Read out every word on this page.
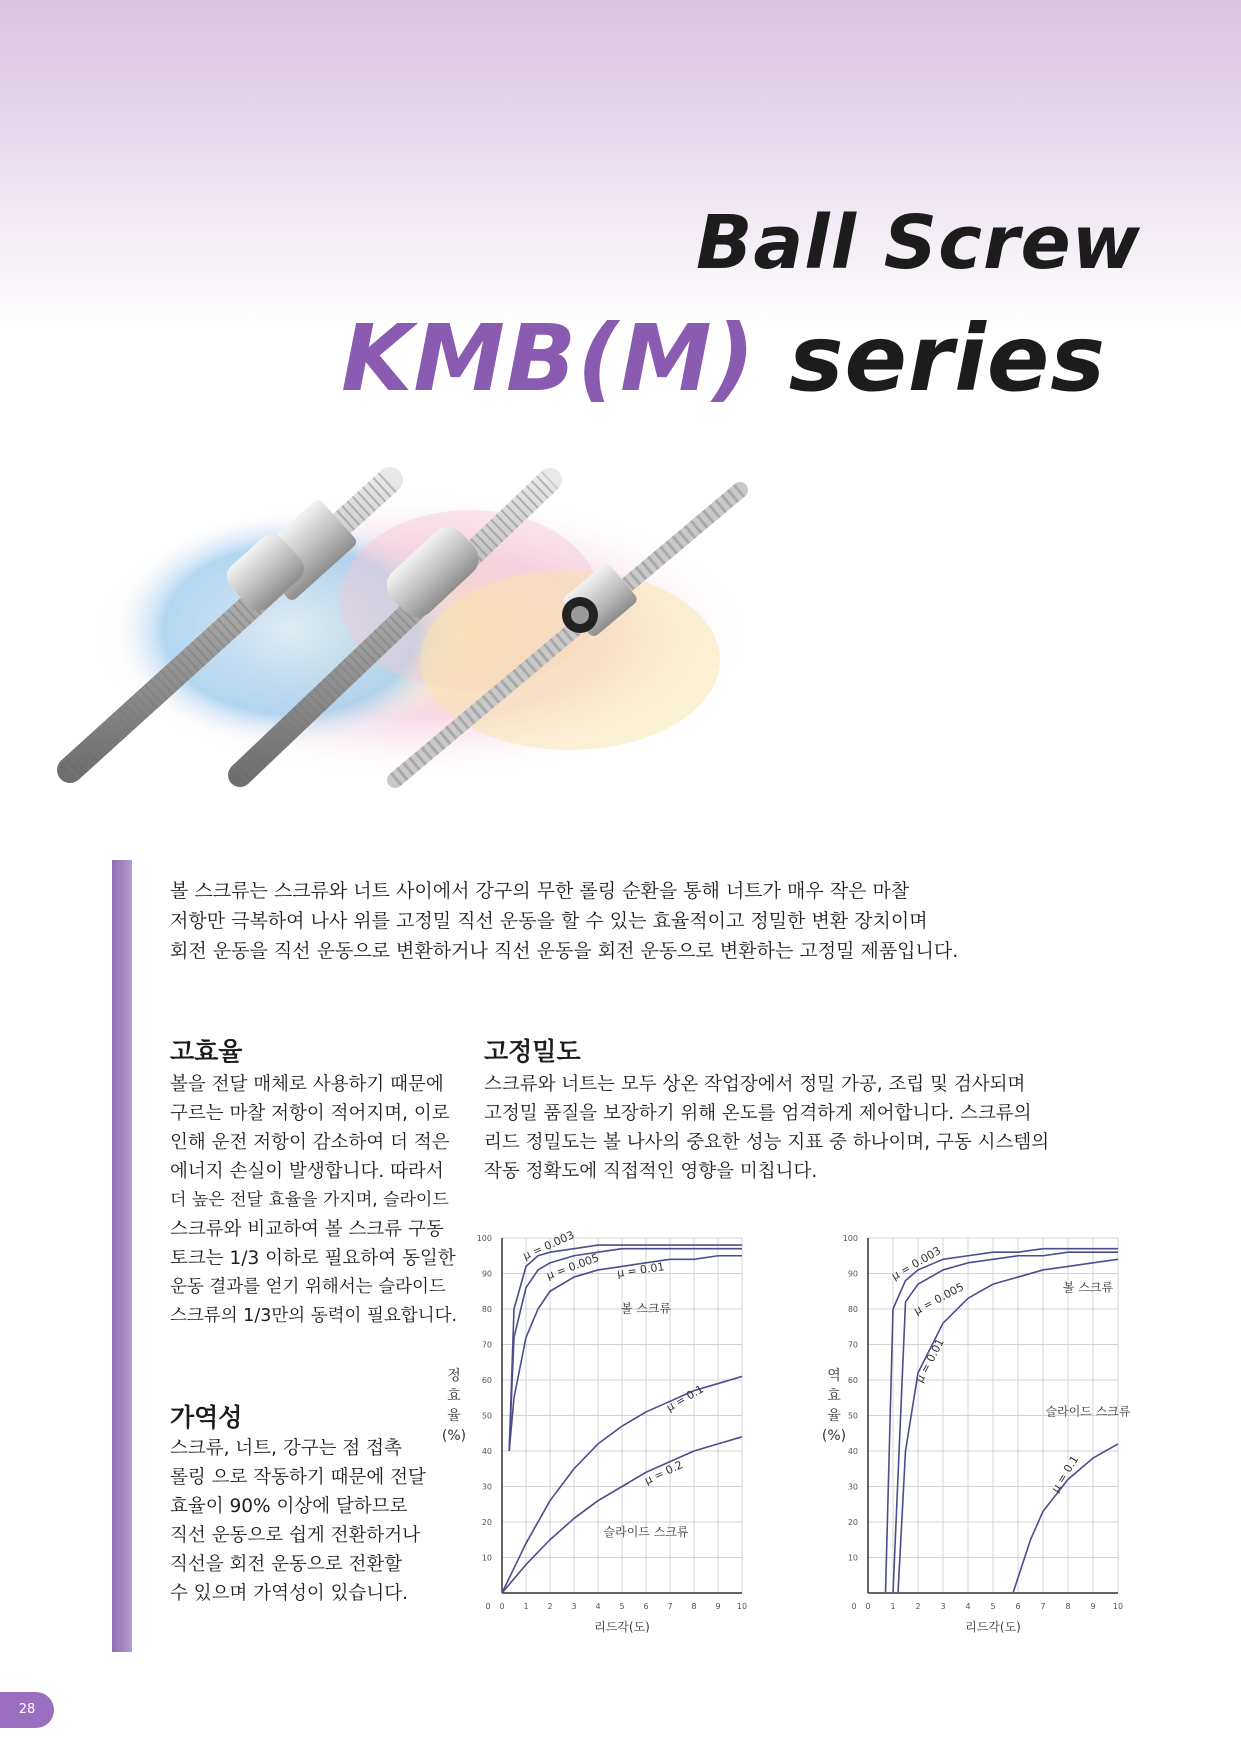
Ball Screw
KMB(M) series

볼 스크류는 스크류와 너트 사이에서 강구의 무한 롤링 순환을 통해 너트가 매우 작은 마찰

저항만 극복하여 나사 위를 고정밀 직선 운동을 할 수 있는 효율적이고 정밀한 변환 장치이며

회전 운동을 직선 운동으로 변환하거나 직선 운동을 회전 운동으로 변환하는 고정밀 제품입니다.

고효율

볼을 전달 매체로 사용하기 때문에

구르는 마찰 저항이 적어지며, 이로

인해 운전 저항이 감소하여 더 적은

에너지 손실이 발생합니다. 따라서

더 높은 전달 효율을 가지며, 슬라이드

스크류와 비교하여 볼 스크류 구동

토크는 1/3 이하로 필요하여 동일한

운동 결과를 얻기 위해서는 슬라이드

스크류의 1/3만의 동력이 필요합니다.

가역성

스크류, 너트, 강구는 점 접촉

롤링 으로 작동하기 때문에 전달

효율이 90% 이상에 달하므로

직선 운동으로 쉽게 전환하거나

직선을 회전 운동으로 전환할

수 있으며 가역성이 있습니다.

고정밀도

스크류와 너트는 모두 상온 작업장에서 정밀 가공, 조립 및 검사되며

고정밀 품질을 보장하기 위해 온도를 엄격하게 제어합니다. 스크류의

리드 정밀도는 볼 나사의 중요한 성능 지표 중 하나이며, 구동 시스템의

작동 정확도에 직접적인 영향을 미칩니다.

0 1 2 3 4 5 6 7 8 9 10
10
20
30
40
50
60
70
80
90
100
0
μ = 0.003
μ = 0.005 μ = 0.01
μ = 0.1
μ = 0.2
볼 스크류
슬라이드 스크류
리드각(도)
정 효 율 (%)
0 1 2 3 4 5 6 7 8 9 10
10
20
30
40
50
60
70
80
90
100
0
μ = 0.003
μ = 0.005
μ = 0.01
μ = 0.1
볼 스크류
슬라이드 스크류
리드각(도)
역 효 율 (%)
28
